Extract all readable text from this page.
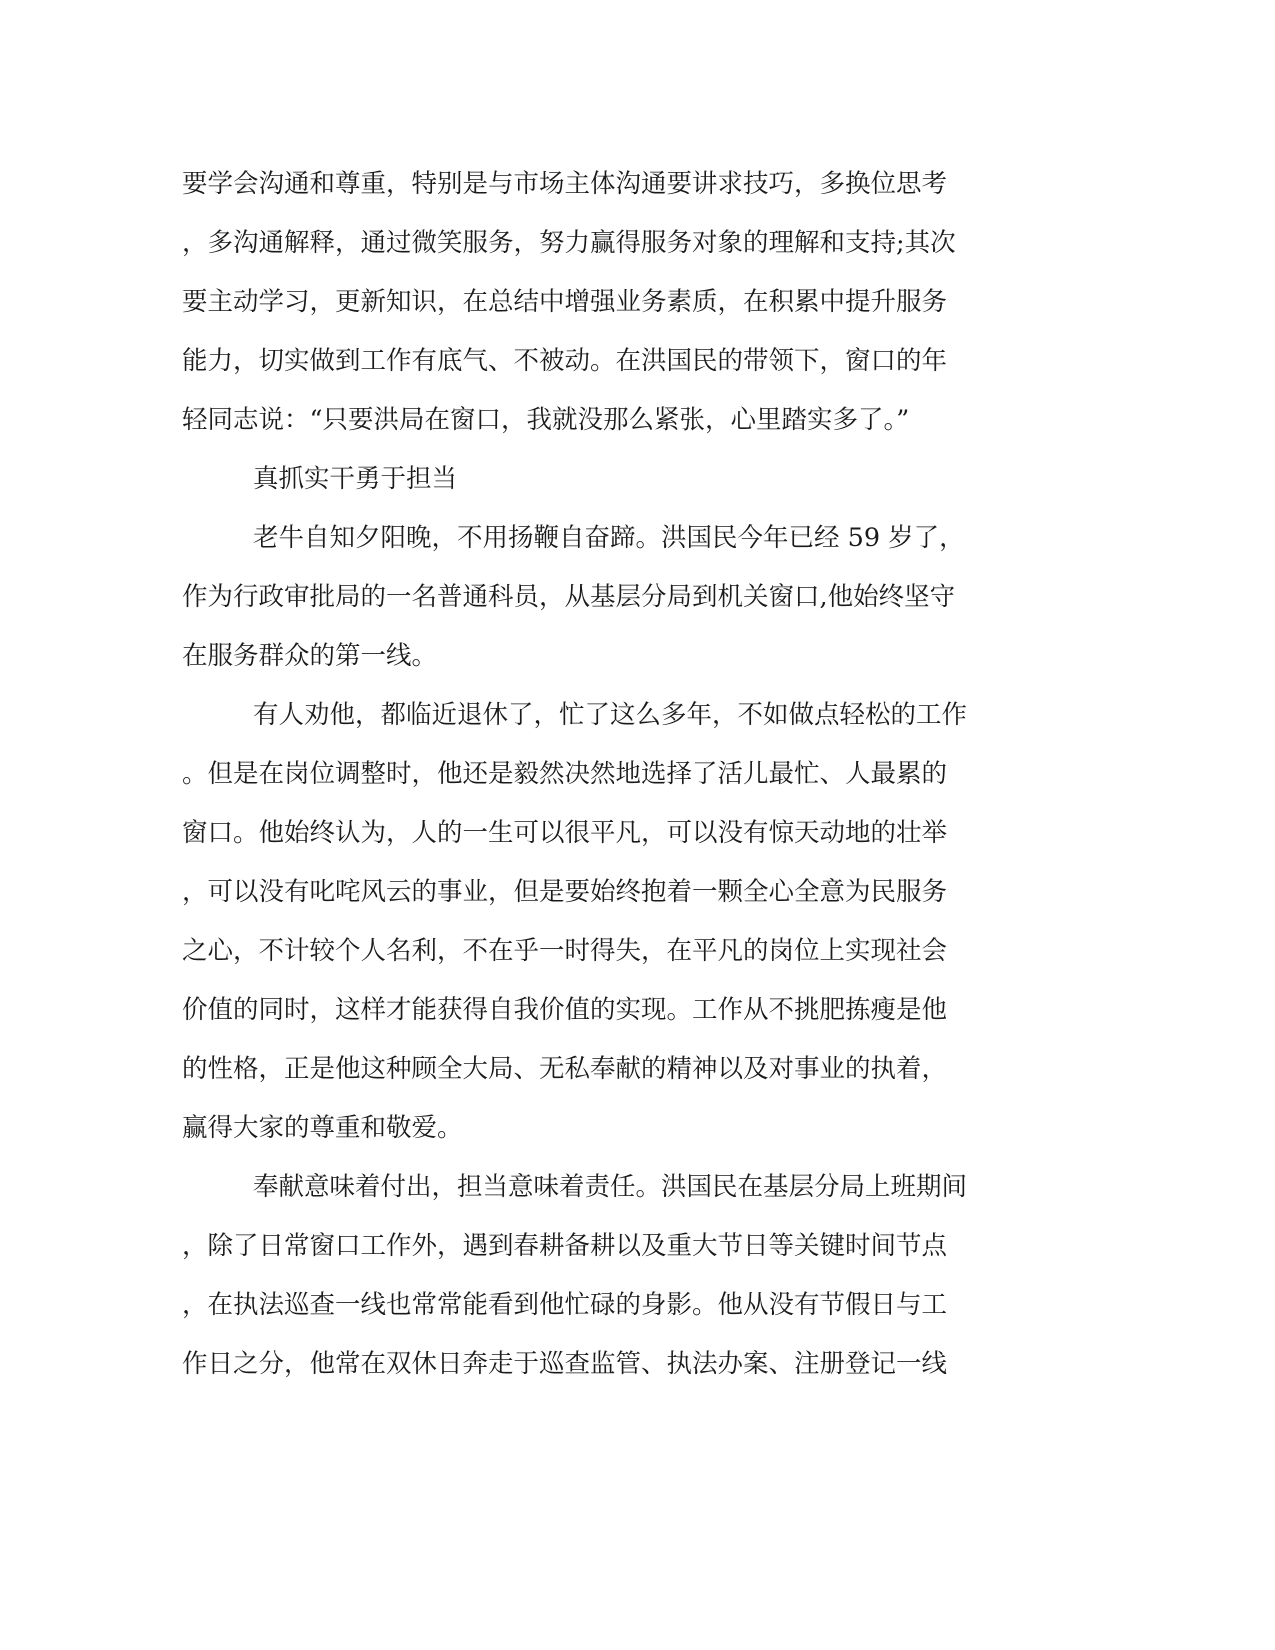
要学会沟通和尊重，特别是与市场主体沟通要讲求技巧，多换位思考
，多沟通解释，通过微笑服务，努力赢得服务对象的理解和支持;其次
要主动学习，更新知识，在总结中增强业务素质，在积累中提升服务
能力，切实做到工作有底气、不被动。在洪国民的带领下，窗口的年
轻同志说：“只要洪局在窗口，我就没那么紧张，心里踏实多了。”
真抓实干勇于担当
老牛自知夕阳晚，不用扬鞭自奋蹄。洪国民今年已经 59 岁了，
作为行政审批局的一名普通科员，从基层分局到机关窗口,他始终坚守
在服务群众的第一线。
有人劝他，都临近退休了，忙了这么多年，不如做点轻松的工作
。但是在岗位调整时，他还是毅然决然地选择了活儿最忙、人最累的
窗口。他始终认为，人的一生可以很平凡，可以没有惊天动地的壮举
，可以没有叱咤风云的事业，但是要始终抱着一颗全心全意为民服务
之心，不计较个人名利，不在乎一时得失，在平凡的岗位上实现社会
价值的同时，这样才能获得自我价值的实现。工作从不挑肥拣瘦是他
的性格，正是他这种顾全大局、无私奉献的精神以及对事业的执着，
赢得大家的尊重和敬爱。
奉献意味着付出，担当意味着责任。洪国民在基层分局上班期间
，除了日常窗口工作外，遇到春耕备耕以及重大节日等关键时间节点
，在执法巡查一线也常常能看到他忙碌的身影。他从没有节假日与工
作日之分，他常在双休日奔走于巡查监管、执法办案、注册登记一线
